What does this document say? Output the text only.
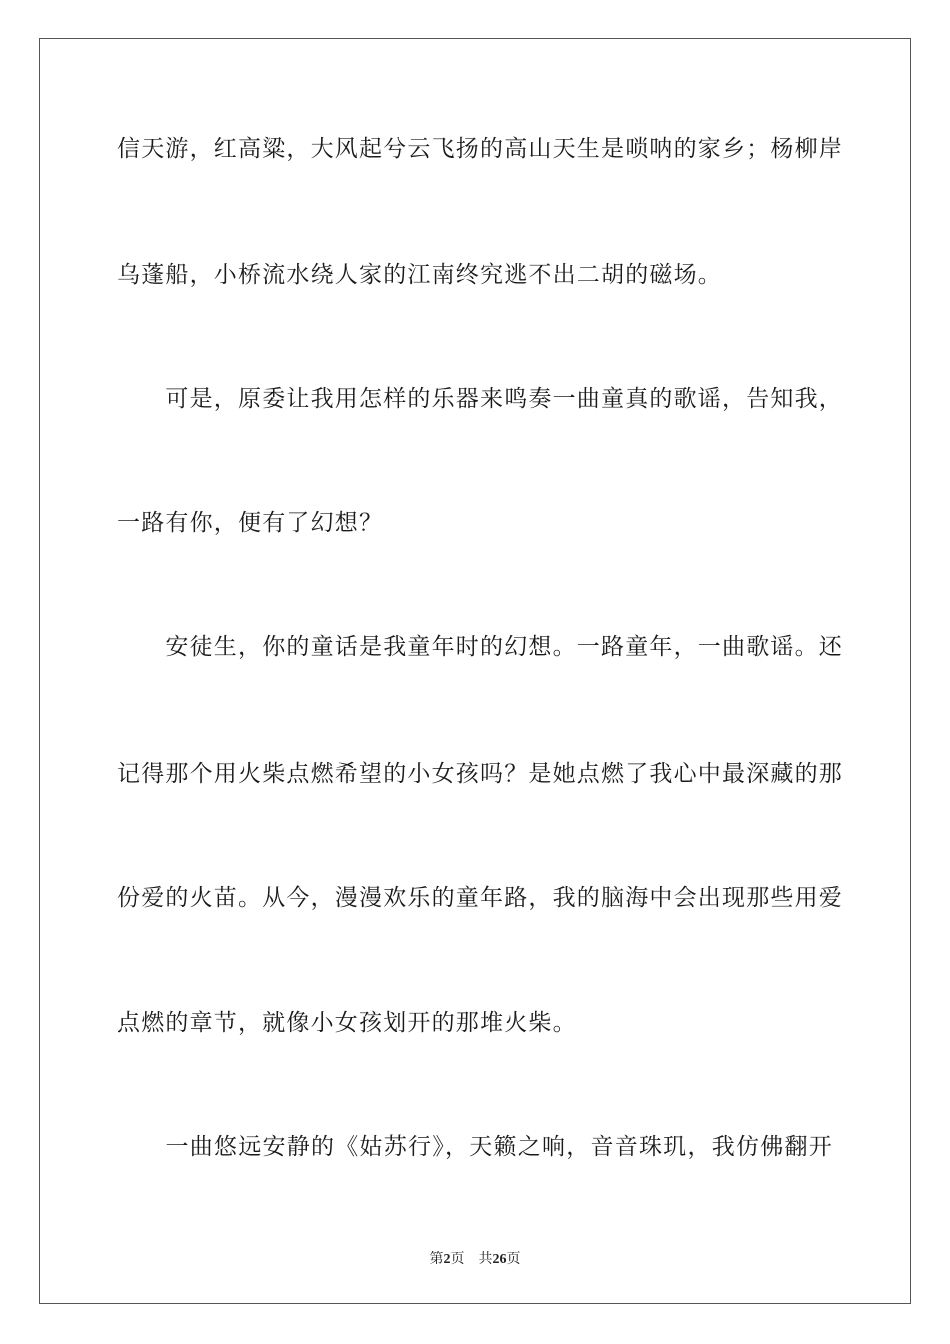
信天游，红高粱，大风起兮云飞扬的高山天生是唢呐的家乡；杨柳岸
乌蓬船，小桥流水绕人家的江南终究逃不出二胡的磁场。
　　可是，原委让我用怎样的乐器来鸣奏一曲童真的歌谣，告知我，
一路有你，便有了幻想？
　　安徒生，你的童话是我童年时的幻想。一路童年，一曲歌谣。还
记得那个用火柴点燃希望的小女孩吗？是她点燃了我心中最深藏的那
份爱的火苗。从今，漫漫欢乐的童年路，我的脑海中会出现那些用爱
点燃的章节，就像小女孩划开的那堆火柴。
　　一曲悠远安静的《姑苏行》，天籁之响，音音珠玑，我仿佛翻开
第2页 共26页
